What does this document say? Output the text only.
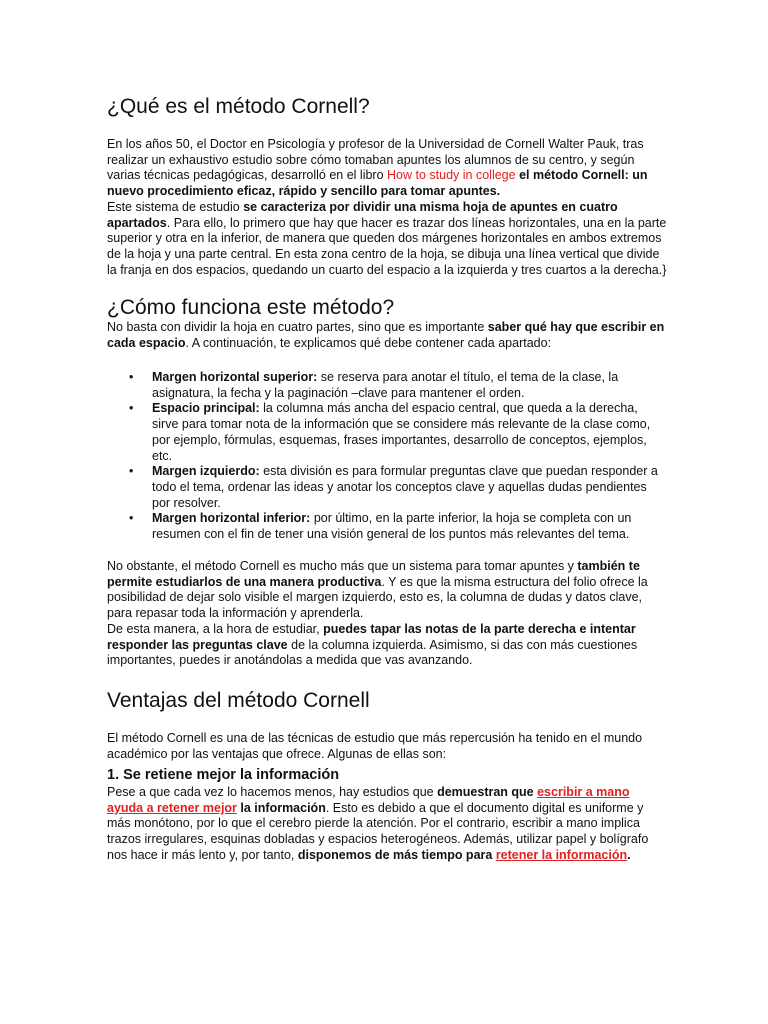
¿Qué es el método Cornell?

En los años 50, el Doctor en Psicología y profesor de la Universidad de Cornell Walter Pauk, tras realizar un exhaustivo estudio sobre cómo tomaban apuntes los alumnos de su centro, y según varias técnicas pedagógicas, desarrolló en el libro How to study in college el método Cornell: un nuevo procedimiento eficaz, rápido y sencillo para tomar apuntes.

Este sistema de estudio se caracteriza por dividir una misma hoja de apuntes en cuatro apartados. Para ello, lo primero que hay que hacer es trazar dos líneas horizontales, una en la parte superior y otra en la inferior, de manera que queden dos márgenes horizontales en ambos extremos de la hoja y una parte central. En esta zona centro de la hoja, se dibuja una línea vertical que divide la franja en dos espacios, quedando un cuarto del espacio a la izquierda y tres cuartos a la derecha.}

¿Cómo funciona este método?

No basta con dividir la hoja en cuatro partes, sino que es importante saber qué hay que escribir en cada espacio. A continuación, te explicamos qué debe contener cada apartado:

• Margen horizontal superior: se reserva para anotar el título, el tema de la clase, la asignatura, la fecha y la paginación –clave para mantener el orden.
• Espacio principal: la columna más ancha del espacio central, que queda a la derecha, sirve para tomar nota de la información que se considere más relevante de la clase como, por ejemplo, fórmulas, esquemas, frases importantes, desarrollo de conceptos, ejemplos, etc.
• Margen izquierdo: esta división es para formular preguntas clave que puedan responder a todo el tema, ordenar las ideas y anotar los conceptos clave y aquellas dudas pendientes por resolver.
• Margen horizontal inferior: por último, en la parte inferior, la hoja se completa con un resumen con el fin de tener una visión general de los puntos más relevantes del tema.

No obstante, el método Cornell es mucho más que un sistema para tomar apuntes y también te permite estudiarlos de una manera productiva. Y es que la misma estructura del folio ofrece la posibilidad de dejar solo visible el margen izquierdo, esto es, la columna de dudas y datos clave, para repasar toda la información y aprenderla.

De esta manera, a la hora de estudiar, puedes tapar las notas de la parte derecha e intentar responder las preguntas clave de la columna izquierda. Asimismo, si das con más cuestiones importantes, puedes ir anotándolas a medida que vas avanzando.

Ventajas del método Cornell

El método Cornell es una de las técnicas de estudio que más repercusión ha tenido en el mundo académico por las ventajas que ofrece. Algunas de ellas son:

1. Se retiene mejor la información

Pese a que cada vez lo hacemos menos, hay estudios que demuestran que escribir a mano ayuda a retener mejor la información. Esto es debido a que el documento digital es uniforme y más monótono, por lo que el cerebro pierde la atención. Por el contrario, escribir a mano implica trazos irregulares, esquinas dobladas y espacios heterogéneos. Además, utilizar papel y bolígrafo nos hace ir más lento y, por tanto, disponemos de más tiempo para retener la información.
